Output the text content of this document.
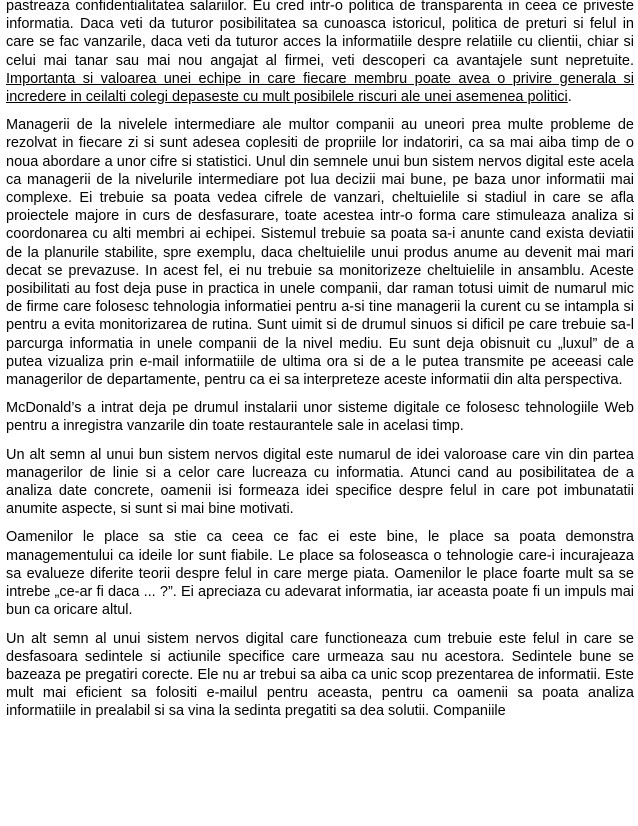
pastreaza confidentialitatea salariilor. Eu cred intr-o politica de transparenta in ceea ce priveste informatia. Daca veti da tuturor posibilitatea sa cunoasca istoricul, politica de preturi si felul in care se fac vanzarile, daca veti da tuturor acces la informatiile despre relatiile cu clientii, chiar si celui mai tanar sau mai nou angajat al firmei, veti descoperi ca avantajele sunt nepretuite. Importanta si valoarea unei echipe in care fiecare membru poate avea o privire generala si incredere in ceilalti colegi depaseste cu mult posibilele riscuri ale unei asemenea politici.

Managerii de la nivelele intermediare ale multor companii au uneori prea multe probleme de rezolvat in fiecare zi si sunt adesea coplesiti de propriile lor indatoriri, ca sa mai aiba timp de o noua abordare a unor cifre si statistici. Unul din semnele unui bun sistem nervos digital este acela ca managerii de la nivelurile intermediare pot lua decizii mai bune, pe baza unor informatii mai complexe. Ei trebuie sa poata vedea cifrele de vanzari, cheltuielile si stadiul in care se afla proiectele majore in curs de desfasurare, toate acestea intr-o forma care stimuleaza analiza si coordonarea cu alti membri ai echipei. Sistemul trebuie sa poata sa-i anunte cand exista deviatii de la planurile stabilite, spre exemplu, daca cheltuielile unui produs anume au devenit mai mari decat se prevazuse. In acest fel, ei nu trebuie sa monitorizeze cheltuielile in ansamblu. Aceste posibilitati au fost deja puse in practica in unele companii, dar raman totusi uimit de numarul mic de firme care folosesc tehnologia informatiei pentru a-si tine managerii la curent cu se intampla si pentru a evita monitorizarea de rutina. Sunt uimit si de drumul sinuos si dificil pe care trebuie sa-l parcurga informatia in unele companii de la nivel mediu. Eu sunt deja obisnuit cu „luxul” de a putea vizualiza prin e-mail informatiile de ultima ora si de a le putea transmite pe aceeasi cale managerilor de departamente, pentru ca ei sa interpreteze aceste informatii din alta perspectiva.

McDonald’s a intrat deja pe drumul instalarii unor sisteme digitale ce folosesc tehnologiile Web pentru a inregistra vanzarile din toate restaurantele sale in acelasi timp.

Un alt semn al unui bun sistem nervos digital este numarul de idei valoroase care vin din partea managerilor de linie si a celor care lucreaza cu informatia. Atunci cand au posibilitatea de a analiza date concrete, oamenii isi formeaza idei specifice despre felul in care pot imbunatatii anumite aspecte, si sunt si mai bine motivati.

Oamenilor le place sa stie ca ceea ce fac ei este bine, le place sa poata demonstra managementului ca ideile lor sunt fiabile. Le place sa foloseasca o tehnologie care-i incurajeaza sa evalueze diferite teorii despre felul in care merge piata. Oamenilor le place foarte mult sa se intrebe „ce-ar fi daca ... ?”. Ei apreciaza cu adevarat informatia, iar aceasta poate fi un impuls mai bun ca oricare altul.

Un alt semn al unui sistem nervos digital care functioneaza cum trebuie este felul in care se desfasoara sedintele si actiunile specifice care urmeaza sau nu acestora. Sedintele bune se bazeaza pe pregatiri corecte. Ele nu ar trebui sa aiba ca unic scop prezentarea de informatii. Este mult mai eficient sa folositi e-mailul pentru aceasta, pentru ca oamenii sa poata analiza informatiile in prealabil si sa vina la sedinta pregatiti sa dea solutii. Companiile
